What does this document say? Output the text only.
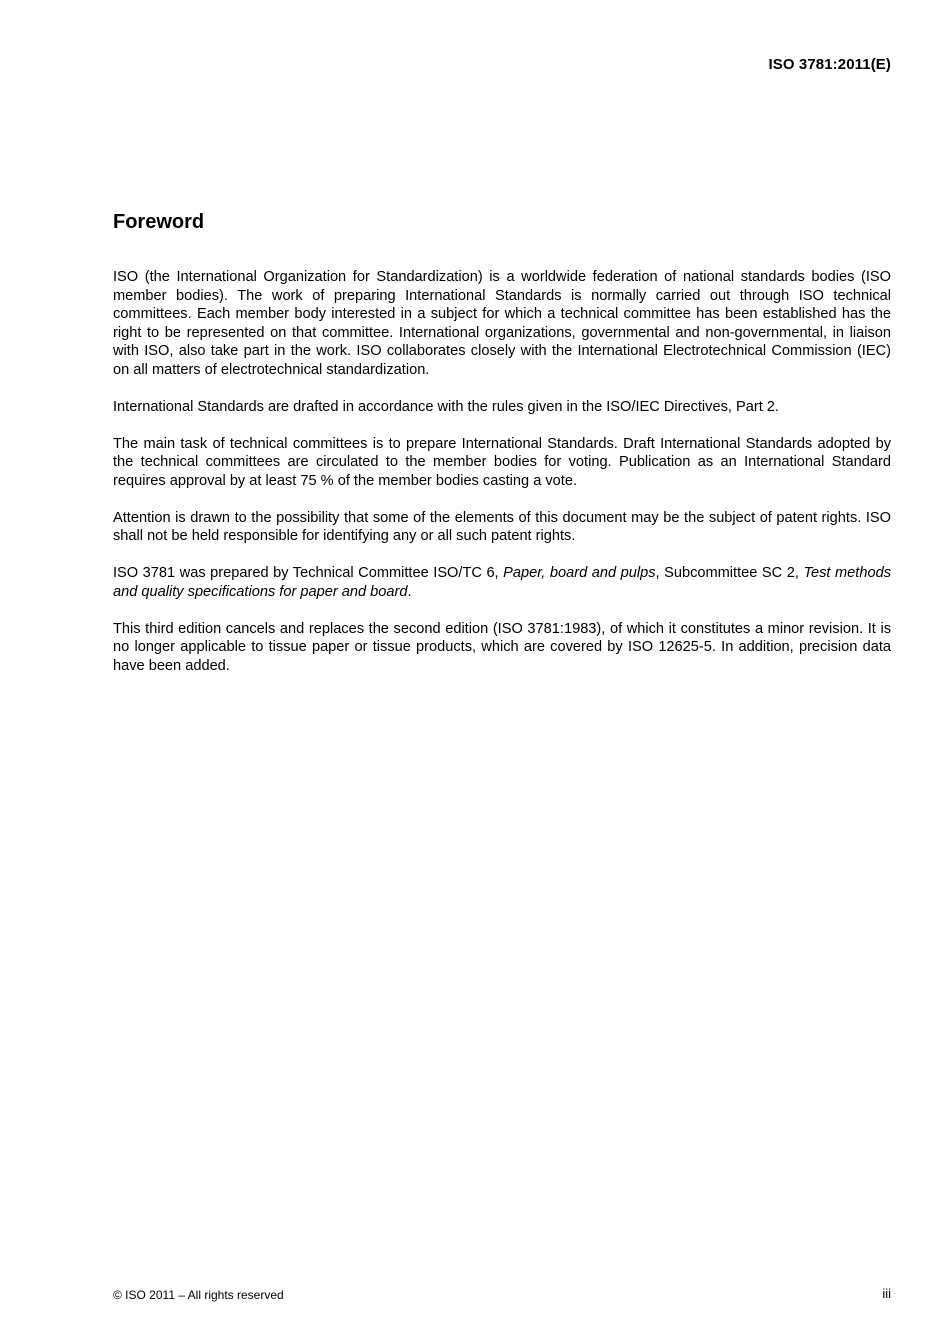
ISO 3781:2011(E)
Foreword

ISO (the International Organization for Standardization) is a worldwide federation of national standards bodies (ISO member bodies). The work of preparing International Standards is normally carried out through ISO technical committees. Each member body interested in a subject for which a technical committee has been established has the right to be represented on that committee. International organizations, governmental and non-governmental, in liaison with ISO, also take part in the work. ISO collaborates closely with the International Electrotechnical Commission (IEC) on all matters of electrotechnical standardization.

International Standards are drafted in accordance with the rules given in the ISO/IEC Directives, Part 2.

The main task of technical committees is to prepare International Standards. Draft International Standards adopted by the technical committees are circulated to the member bodies for voting. Publication as an International Standard requires approval by at least 75 % of the member bodies casting a vote.

Attention is drawn to the possibility that some of the elements of this document may be the subject of patent rights. ISO shall not be held responsible for identifying any or all such patent rights.

ISO 3781 was prepared by Technical Committee ISO/TC 6, Paper, board and pulps, Subcommittee SC 2, Test methods and quality specifications for paper and board.

This third edition cancels and replaces the second edition (ISO 3781:1983), of which it constitutes a minor revision. It is no longer applicable to tissue paper or tissue products, which are covered by ISO 12625-5. In addition, precision data have been added.

© ISO 2011 – All rights reserved	iii
